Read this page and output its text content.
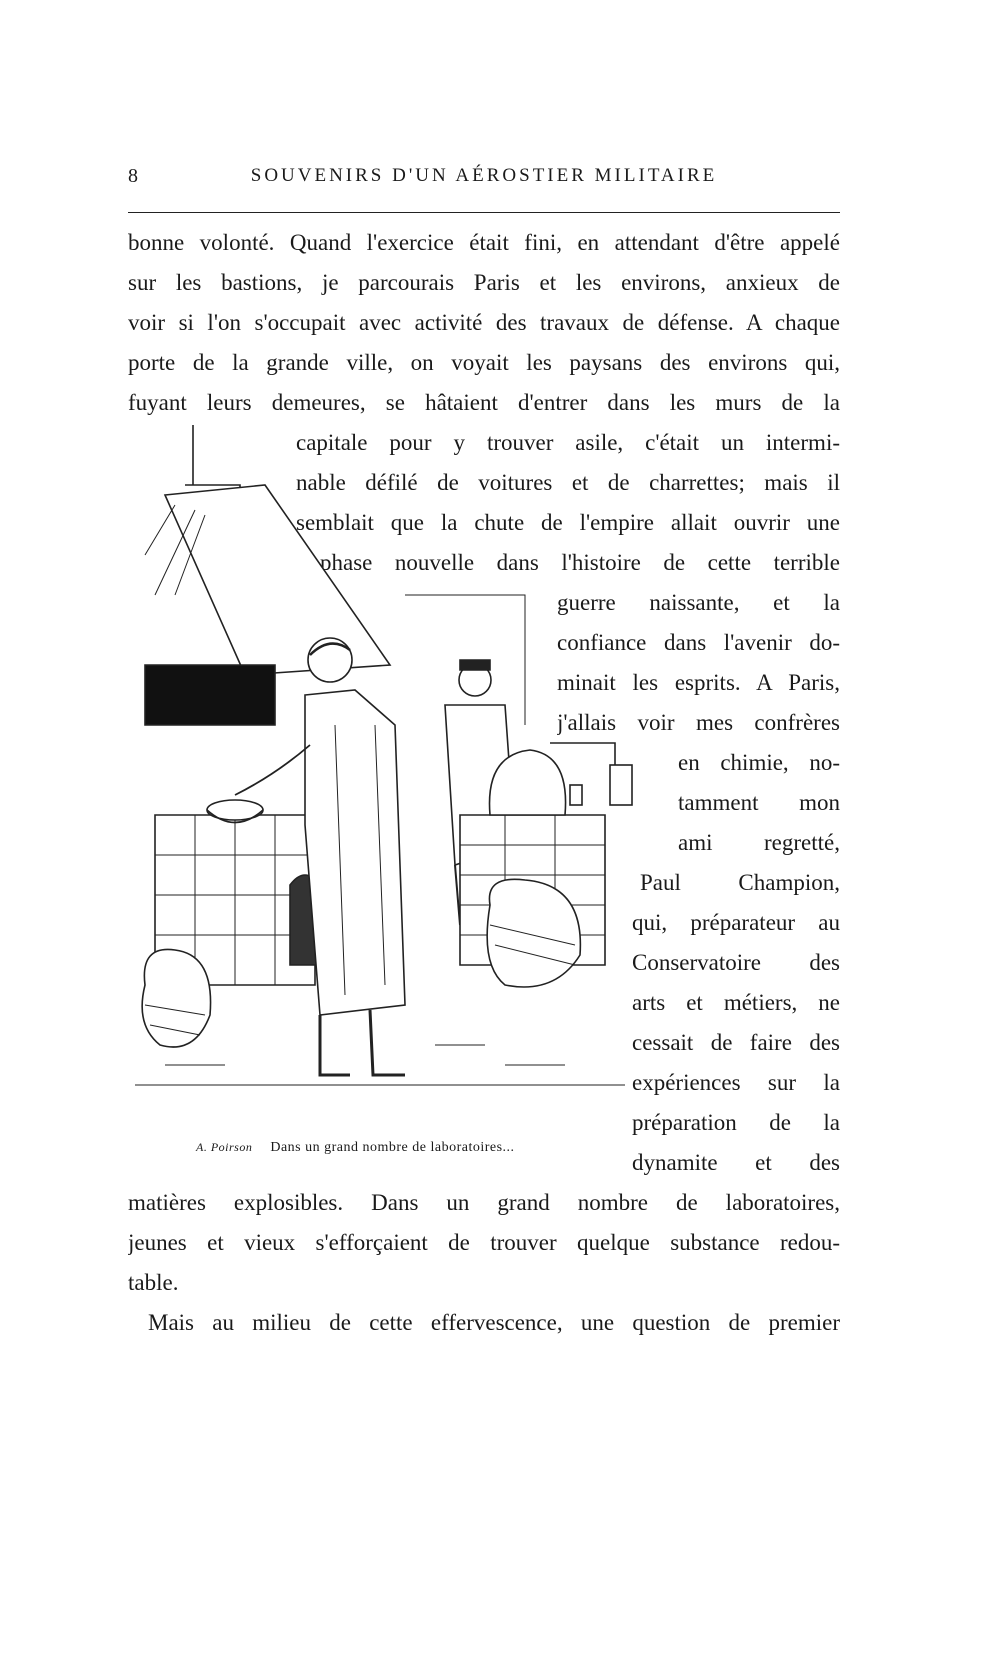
8	SOUVENIRS D'UN AÉROSTIER MILITAIRE
bonne volonté. Quand l'exercice était fini, en attendant d'être appelé
sur les bastions, je parcourais Paris et les environs, anxieux de
voir si l'on s'occupait avec activité des travaux de défense. A chaque
porte de la grande ville, on voyait les paysans des environs qui,
fuyant leurs demeures, se hâtaient d'entrer dans les murs de la
capitale pour y trouver asile, c'était un intermi-
nable défilé de voitures et de charrettes; mais il
semblait que la chute de l'empire allait ouvrir une
phase nouvelle dans l'histoire de cette terrible
guerre naissante, et la
confiance dans l'avenir do-
minait les esprits. A Paris,
j'allais voir mes confrères
en chimie, no-
tamment mon
ami regretté,
Paul Champion,
qui, préparateur au
Conservatoire des
arts et métiers, ne
cessait de faire des
expériences sur la
préparation de la
dynamite et des
matières explosibles. Dans un grand nombre de laboratoires,
jeunes et vieux s'efforçaient de trouver quelque substance redou-
table.
Mais au milieu de cette effervescence, une question de premier
A. Poirson Dans un grand nombre de laboratoires...
